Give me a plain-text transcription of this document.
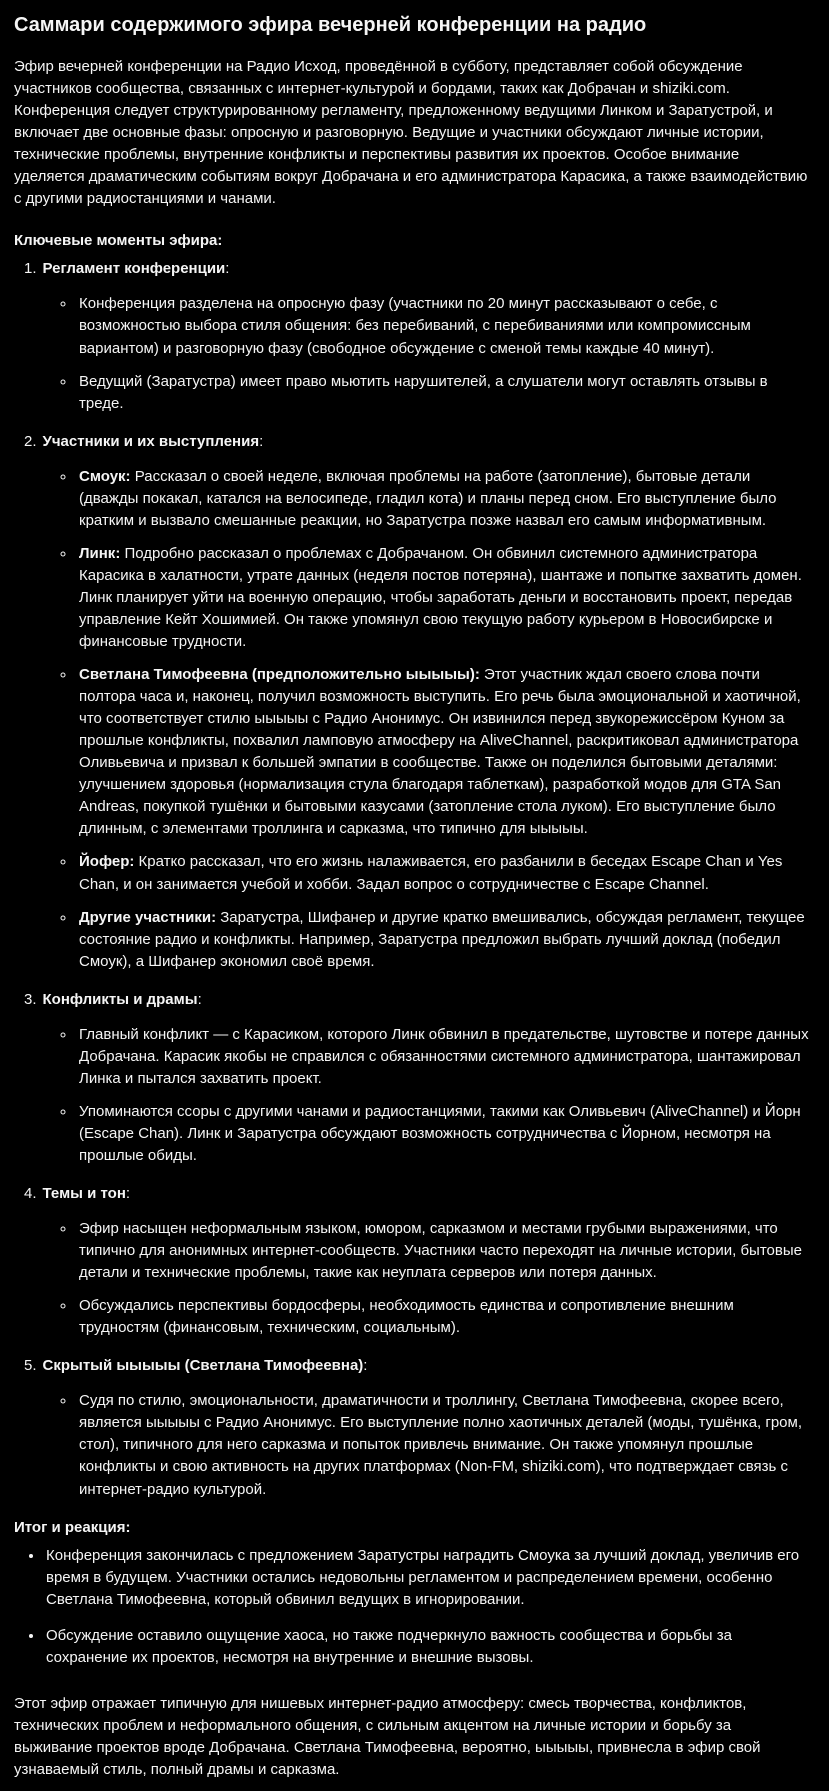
Саммари содержимого эфира вечерней конференции на радио

Эфир вечерней конференции на Радио Исход, проведённой в субботу, представляет собой обсуждение участников сообщества, связанных с интернет-культурой и бордами, таких как Добрачан и shiziki.com. Конференция следует структурированному регламенту, предложенному ведущими Линком и Заратустрой, и включает две основные фазы: опросную и разговорную. Ведущие и участники обсуждают личные истории, технические проблемы, внутренние конфликты и перспективы развития их проектов. Особое внимание уделяется драматическим событиям вокруг Добрачана и его администратора Карасика, а также взаимодействию с другими радиостанциями и чанами.

Ключевые моменты эфира:

1. Регламент конференции:
◦ Конференция разделена на опросную фазу (участники по 20 минут рассказывают о себе, с возможностью выбора стиля общения: без перебиваний, с перебиваниями или компромиссным вариантом) и разговорную фазу (свободное обсуждение с сменой темы каждые 40 минут).
◦ Ведущий (Заратустра) имеет право мьютить нарушителей, а слушатели могут оставлять отзывы в треде.
2. Участники и их выступления:
◦ Смоук: Рассказал о своей неделе, включая проблемы на работе (затопление), бытовые детали (дважды покакал, катался на велосипеде, гладил кота) и планы перед сном. Его выступление было кратким и вызвало смешанные реакции, но Заратустра позже назвал его самым информативным.
◦ Линк: Подробно рассказал о проблемах с Добрачаном. Он обвинил системного администратора Карасика в халатности, утрате данных (неделя постов потеряна), шантаже и попытке захватить домен. Линк планирует уйти на военную операцию, чтобы заработать деньги и восстановить проект, передав управление Кейт Хошимией. Он также упомянул свою текущую работу курьером в Новосибирске и финансовые трудности.
◦ Светлана Тимофеевна (предположительно ыыыыы): Этот участник ждал своего слова почти полтора часа и, наконец, получил возможность выступить. Его речь была эмоциональной и хаотичной, что соответствует стилю ыыыыы с Радио Анонимус. Он извинился перед звукорежиссёром Куном за прошлые конфликты, похвалил ламповую атмосферу на AliveChannel, раскритиковал администратора Оливьевича и призвал к большей эмпатии в сообществе. Также он поделился бытовыми деталями: улучшением здоровья (нормализация стула благодаря таблеткам), разработкой модов для GTA San Andreas, покупкой тушёнки и бытовыми казусами (затопление стола луком). Его выступление было длинным, с элементами троллинга и сарказма, что типично для ыыыыы.
◦ Йофер: Кратко рассказал, что его жизнь налаживается, его разбанили в беседах Escape Chan и Yes Chan, и он занимается учебой и хобби. Задал вопрос о сотрудничестве с Escape Channel.
◦ Другие участники: Заратустра, Шифанер и другие кратко вмешивались, обсуждая регламент, текущее состояние радио и конфликты. Например, Заратустра предложил выбрать лучший доклад (победил Смоук), а Шифанер экономил своё время.
3. Конфликты и драмы:
◦ Главный конфликт — с Карасиком, которого Линк обвинил в предательстве, шутовстве и потере данных Добрачана. Карасик якобы не справился с обязанностями системного администратора, шантажировал Линка и пытался захватить проект.
◦ Упоминаются ссоры с другими чанами и радиостанциями, такими как Оливьевич (AliveChannel) и Йорн (Escape Chan). Линк и Заратустра обсуждают возможность сотрудничества с Йорном, несмотря на прошлые обиды.
4. Темы и тон:
◦ Эфир насыщен неформальным языком, юмором, сарказмом и местами грубыми выражениями, что типично для анонимных интернет-сообществ. Участники часто переходят на личные истории, бытовые детали и технические проблемы, такие как неуплата серверов или потеря данных.
◦ Обсуждались перспективы бордосферы, необходимость единства и сопротивление внешним трудностям (финансовым, техническим, социальным).
5. Скрытый ыыыыы (Светлана Тимофеевна):
◦ Судя по стилю, эмоциональности, драматичности и троллингу, Светлана Тимофеевна, скорее всего, является ыыыыы с Радио Анонимус. Его выступление полно хаотичных деталей (моды, тушёнка, гром, стол), типичного для него сарказма и попыток привлечь внимание. Он также упомянул прошлые конфликты и свою активность на других платформах (Non-FM, shiziki.com), что подтверждает связь с интернет-радио культурой.

Итог и реакция:

• Конференция закончилась с предложением Заратустры наградить Смоука за лучший доклад, увеличив его время в будущем. Участники остались недовольны регламентом и распределением времени, особенно Светлана Тимофеевна, который обвинил ведущих в игнорировании.
• Обсуждение оставило ощущение хаоса, но также подчеркнуло важность сообщества и борьбы за сохранение их проектов, несмотря на внутренние и внешние вызовы.

Этот эфир отражает типичную для нишевых интернет-радио атмосферу: смесь творчества, конфликтов, технических проблем и неформального общения, с сильным акцентом на личные истории и борьбу за выживание проектов вроде Добрачана. Светлана Тимофеевна, вероятно, ыыыыы, привнесла в эфир свой узнаваемый стиль, полный драмы и сарказма.
